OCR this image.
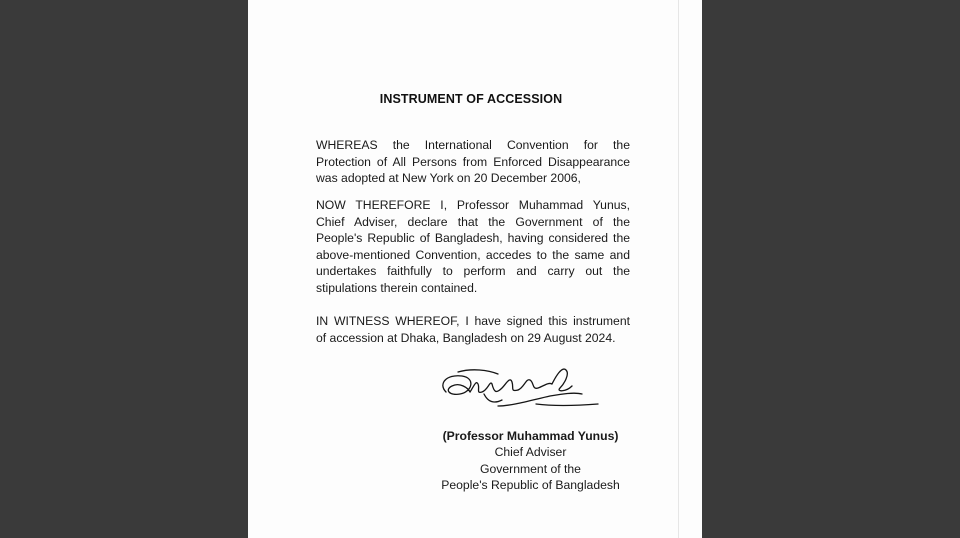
INSTRUMENT OF ACCESSION

WHEREAS the International Convention for the
Protection of All Persons from Enforced Disappearance
was adopted at New York on 20 December 2006,

NOW THEREFORE I, Professor Muhammad Yunus,
Chief Adviser, declare that the Government of the
People's Republic of Bangladesh, having considered the
above-mentioned Convention, accedes to the same and
undertakes faithfully to perform and carry out the
stipulations therein contained.

IN WITNESS WHEREOF, I have signed this instrument
of accession at Dhaka, Bangladesh on 29 August 2024.

(Professor Muhammad Yunus)
Chief Adviser
Government of the
People's Republic of Bangladesh
